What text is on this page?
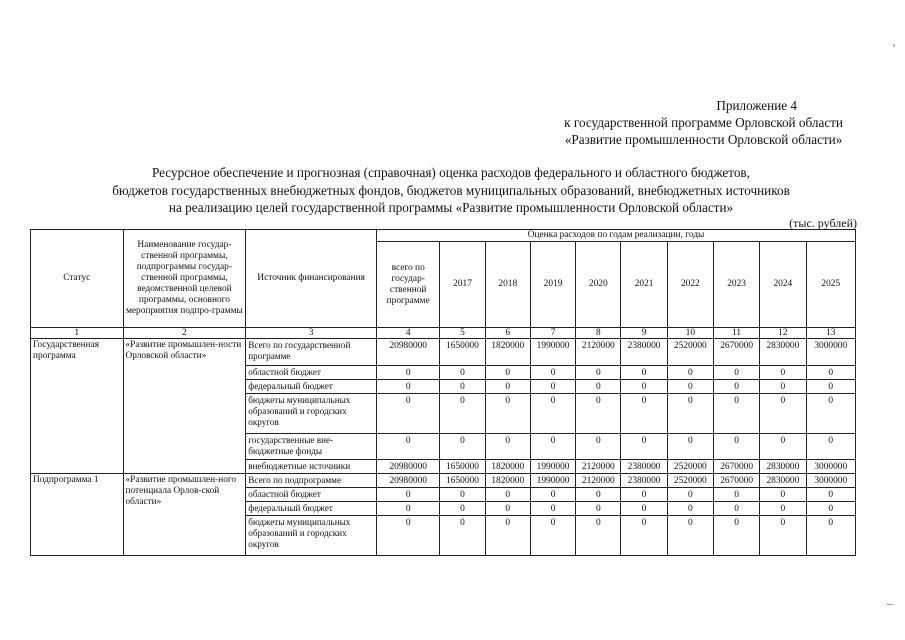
Приложение 4
к государственной программе Орловской области
«Развитие промышленности Орловской области»
Ресурсное обеспечение и прогнозная (справочная) оценка расходов федерального и областного бюджетов,
бюджетов государственных внебюджетных фондов, бюджетов муниципальных образований, внебюджетных источников
на реализацию целей государственной программы «Развитие промышленности Орловской области»
(тыс. рублей)
Статус	Наименование государ-ственной программы, подпрограммы государ-ственной программы, ведомственной целевой программы, основного мероприятия подпро-граммы	Источник финансирования	Оценка расходов по годам реализации, годы									
			всего по государ-ственной программе	2017	2018	2019	2020	2021	2022	2023	2024	2025
1	2	3	4	5	6	7	8	9	10	11	12	13
Государственная программа	«Развитие промышлен-ности Орловской области»	Всего по государственной программе	20980000	1650000	1820000	1990000	2120000	2380000	2520000	2670000	2830000	3000000
		областной бюджет	0	0	0	0	0	0	0	0	0	0
		федеральный бюджет	0	0	0	0	0	0	0	0	0	0
		бюджеты муниципальных образований и городских округов	0	0	0	0	0	0	0	0	0	0
		государственные вне-бюджетные фонды	0	0	0	0	0	0	0	0	0	0
		внебюджетные источники	20980000	1650000	1820000	1990000	2120000	2380000	2520000	2670000	2830000	3000000
Подпрограмма 1	«Развитие промышлен-ного потенциала Орлов-ской области»	Всего по подпрограмме	20980000	1650000	1820000	1990000	2120000	2380000	2520000	2670000	2830000	3000000
		областной бюджет	0	0	0	0	0	0	0	0	0	0
		федеральный бюджет	0	0	0	0	0	0	0	0	0	0
		бюджеты муниципальных образований и городских округов	0	0	0	0	0	0	0	0	0	0
